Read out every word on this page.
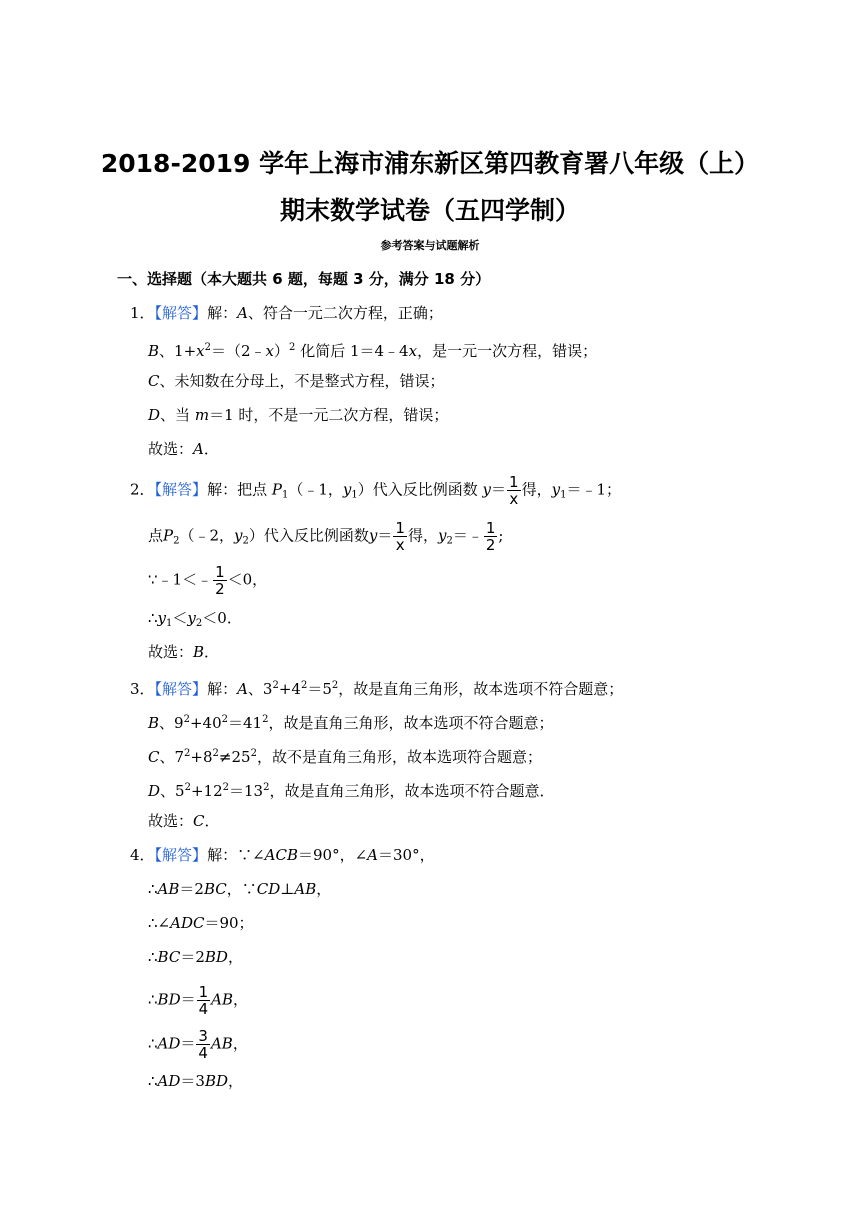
2018-2019 学年上海市浦东新区第四教育署八年级（上）
期末数学试卷（五四学制）
参考答案与试题解析
一、选择题（本大题共 6 题，每题 3 分，满分 18 分）
1．【解答】解：A、符合一元二次方程，正确；
B、$1+x^2=(2﹣x)^2$ 化简后 1＝4﹣4x，是一元一次方程，错误；
C、未知数在分母上，不是整式方程，错误；
D、当 m＝1 时，不是一元二次方程，错误；
故选：A．
2．【解答】解：把点 $P_1(﹣1$，$y_1$）代入反比例函数 $y= \frac{1}{x}$ 得，$y_1=﹣1$；
点$P_2(﹣2$，$y_2$）代入反比例函数$y= \frac{1}{x}$ 得，$y_2=﹣ \frac{1}{2}$ ;
∵﹣1＜﹣ $\frac{1}{2} <0$，
$\therefore y_1<y_2<0$．
故选：B．
3．【解答】解：A、$3^2+4^2=5^2$，故是直角三角形，故本选项不符合题意；
B、$9^2+40^2=41^2$，故是直角三角形，故本选项不符合题意；
C、$7^2+8^2\ne 25^2$，故不是直角三角形，故本选项符合题意；
D、$5^2+12^2=13^2$，故是直角三角形，故本选项不符合题意．
故选：C．
4．【解答】解：∵∠ACB＝90°，∠A＝30°，
∴AB＝2BC，∵CD⊥AB，
∴∠ADC＝90；
∴BC＝2BD，
∴BD＝ $\frac{1}{4}$ AB，
∴AD＝ $\frac{3}{4}$ AB，
∴AD＝3BD，
